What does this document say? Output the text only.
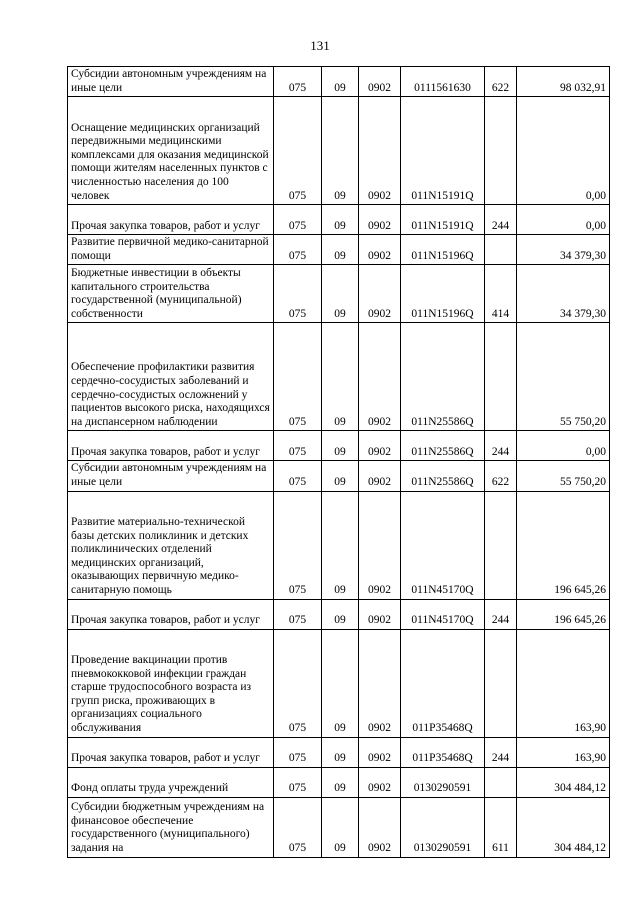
131
Субсидии автономным учреждениям на иные цели	075	09	0902	0111561630	622	98 032,91
Оснащение медицинских организаций передвижными медицинскими комплексами для оказания медицинской помощи жителям населенных пунктов с численностью населения до 100 человек	075	09	0902	011N15191Q		0,00
Прочая закупка товаров, работ и услуг	075	09	0902	011N15191Q	244	0,00
Развитие первичной медико-санитарной помощи	075	09	0902	011N15196Q		34 379,30
Бюджетные инвестиции в объекты капитального строительства государственной (муниципальной) собственности	075	09	0902	011N15196Q	414	34 379,30
Обеспечение профилактики развития сердечно-сосудистых заболеваний и сердечно-сосудистых осложнений у пациентов высокого риска, находящихся на диспансерном наблюдении	075	09	0902	011N25586Q		55 750,20
Прочая закупка товаров, работ и услуг	075	09	0902	011N25586Q	244	0,00
Субсидии автономным учреждениям на иные цели	075	09	0902	011N25586Q	622	55 750,20
Развитие материально-технической базы детских поликлиник и детских поликлинических отделений медицинских организаций, оказывающих первичную медико-санитарную помощь	075	09	0902	011N45170Q		196 645,26
Прочая закупка товаров, работ и услуг	075	09	0902	011N45170Q	244	196 645,26
Проведение вакцинации против пневмококковой инфекции граждан старше трудоспособного возраста из групп риска, проживающих в организациях социального обслуживания	075	09	0902	011P35468Q		163,90
Прочая закупка товаров, работ и услуг	075	09	0902	011P35468Q	244	163,90
Фонд оплаты труда учреждений	075	09	0902	0130290591		304 484,12
Субсидии бюджетным учреждениям на финансовое обеспечение государственного (муниципального) задания на	075	09	0902	0130290591	611	304 484,12
